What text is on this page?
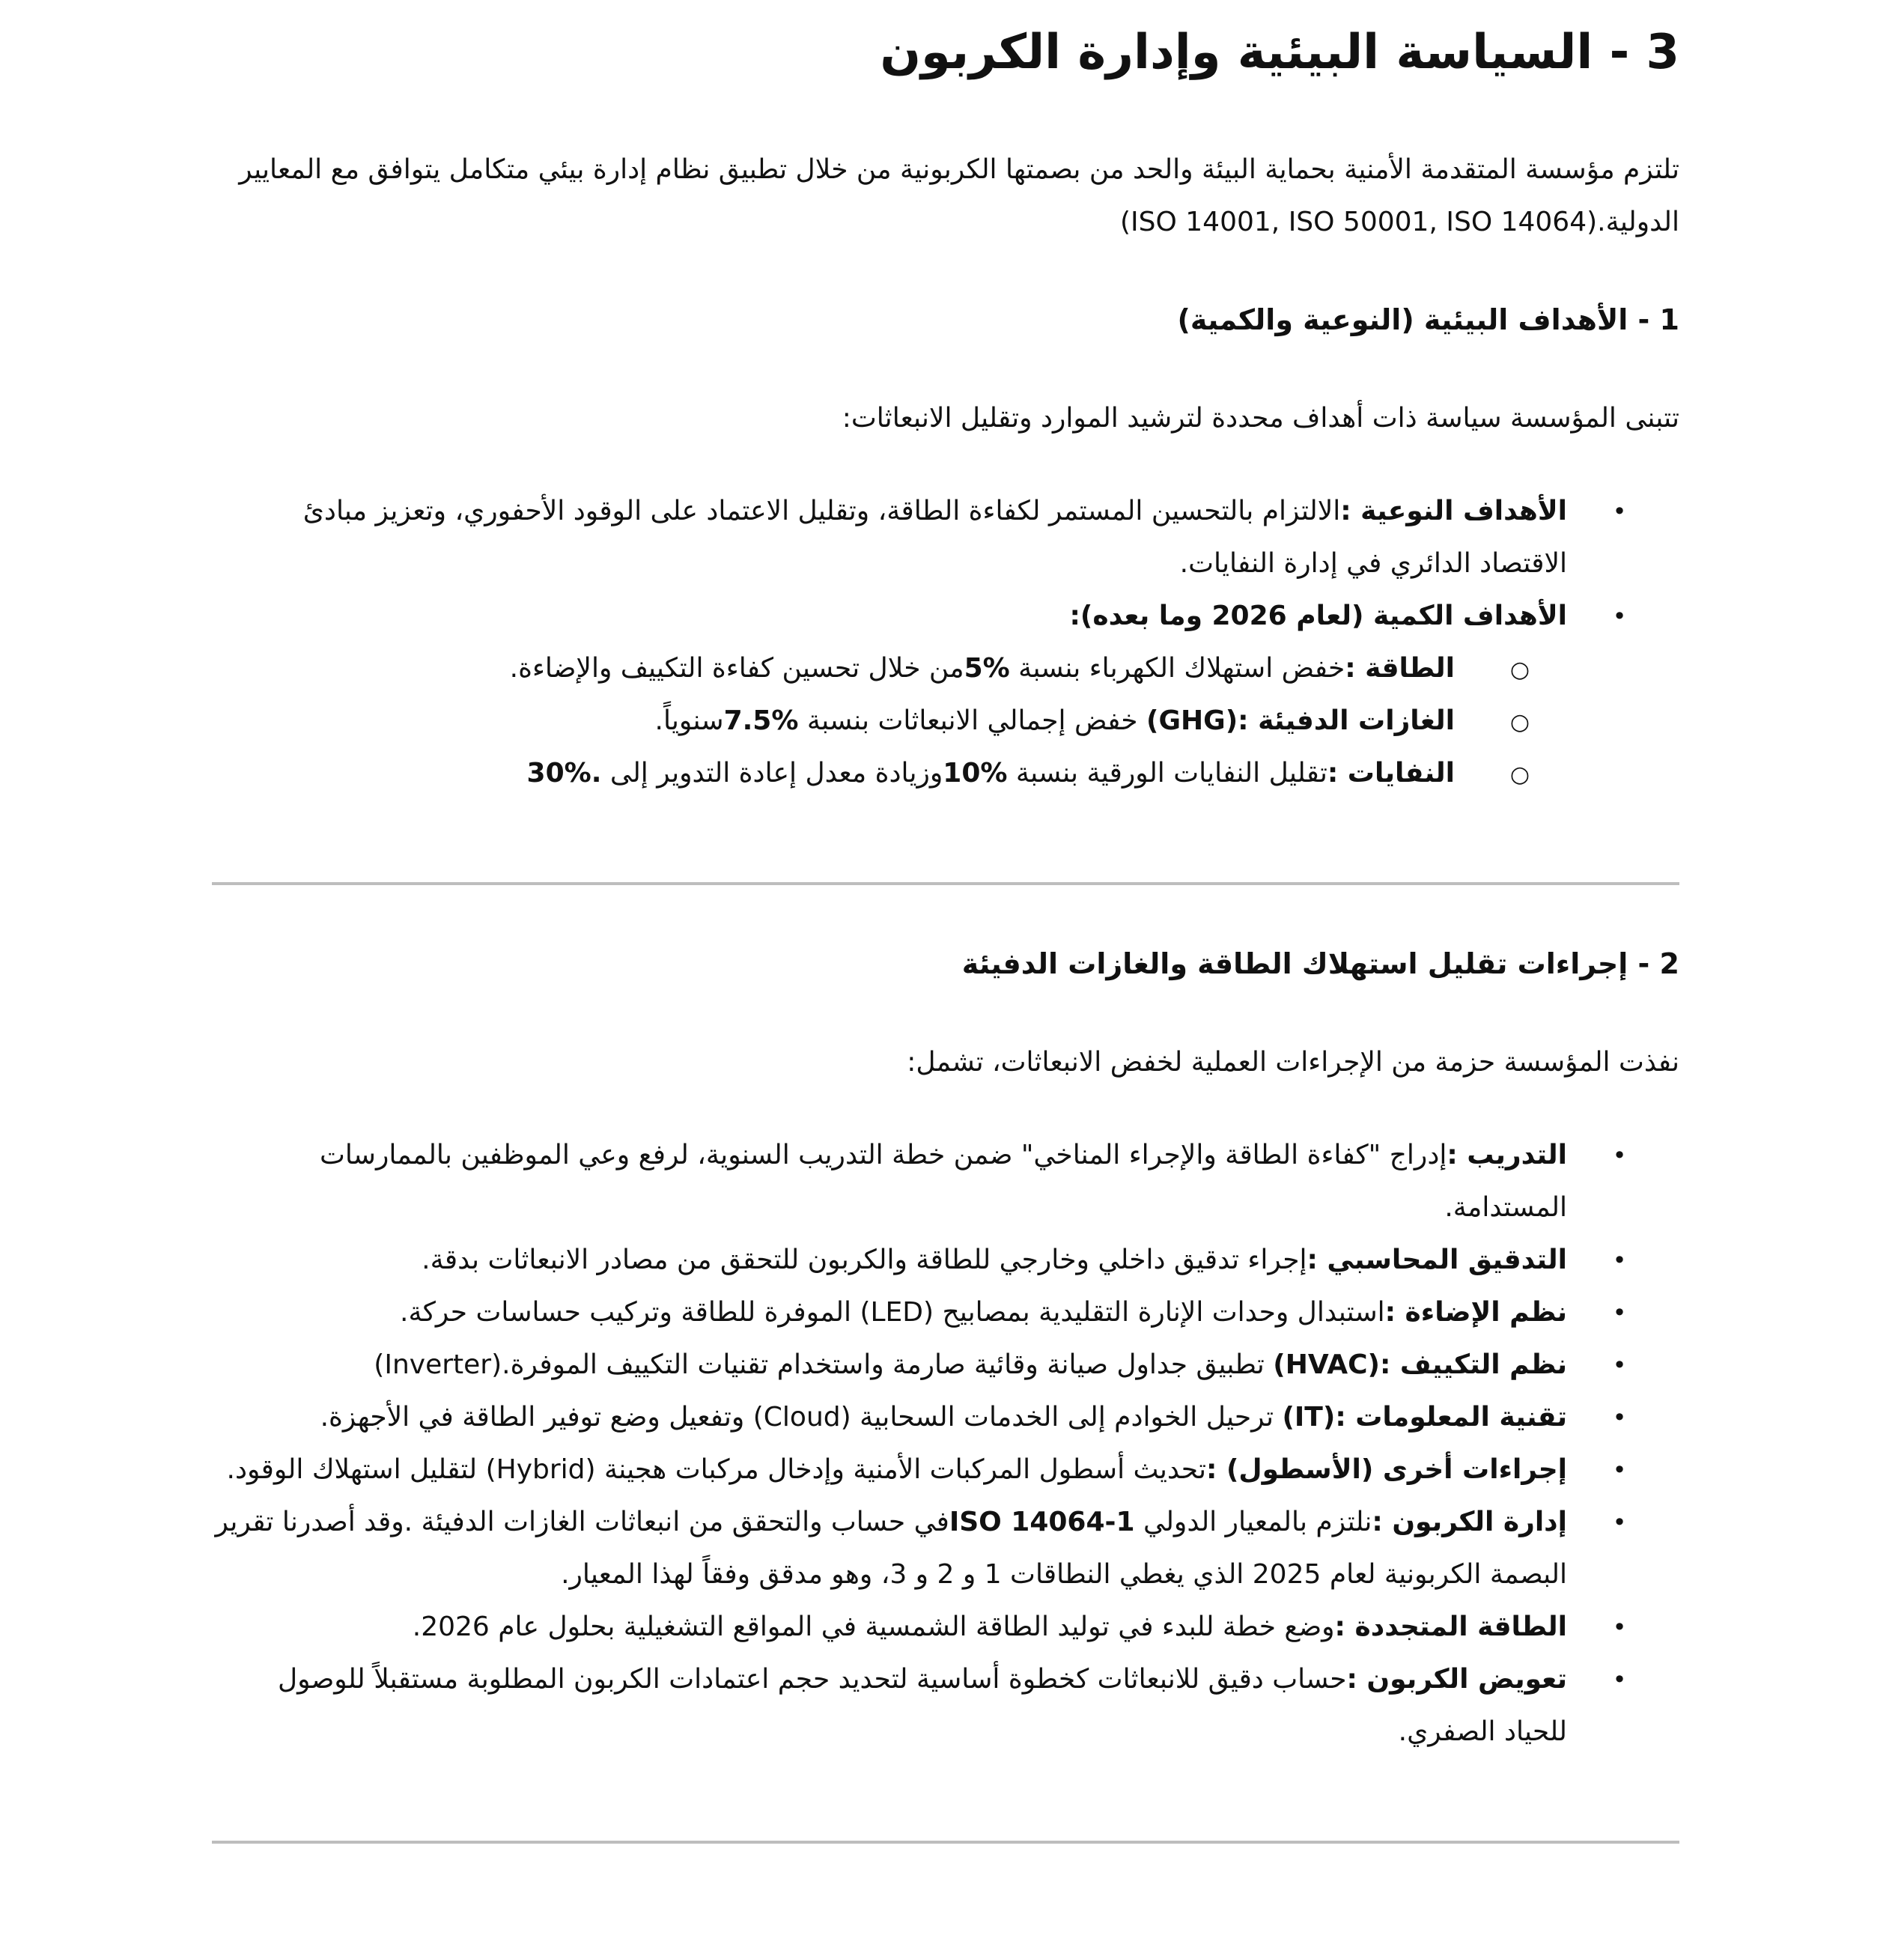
3 - السياسة البيئية وإدارة الكربون

تلتزم مؤسسة المتقدمة الأمنية بحماية البيئة والحد من بصمتها الكربونية من خلال تطبيق نظام إدارة بيئي متكامل يتوافق مع المعايير الدولية.(ISO 14001, ISO 50001, ISO 14064)

1 - الأهداف البيئية (النوعية والكمية)

تتبنى المؤسسة سياسة ذات أهداف محددة لترشيد الموارد وتقليل الانبعاثات:

•
الأهداف النوعية :الالتزام بالتحسين المستمر لكفاءة الطاقة، وتقليل الاعتماد على الوقود الأحفوري، وتعزيز مبادئ الاقتصاد الدائري في إدارة النفايات.
•
الأهداف الكمية (لعام 2026 وما بعده):
○
الطاقة :خفض استهلاك الكهرباء بنسبة 5%من خلال تحسين كفاءة التكييف والإضاءة.
○
الغازات الدفيئة :(GHG) خفض إجمالي الانبعاثات بنسبة 7.5%سنوياً.
○
النفايات :تقليل النفايات الورقية بنسبة 10%وزيادة معدل إعادة التدوير إلى 30%.
2 - إجراءات تقليل استهلاك الطاقة والغازات الدفيئة

نفذت المؤسسة حزمة من الإجراءات العملية لخفض الانبعاثات، تشمل:

•
التدريب :إدراج "كفاءة الطاقة والإجراء المناخي" ضمن خطة التدريب السنوية، لرفع وعي الموظفين بالممارسات المستدامة.
•
التدقيق المحاسبي :إجراء تدقيق داخلي وخارجي للطاقة والكربون للتحقق من مصادر الانبعاثات بدقة.
•
نظم الإضاءة :استبدال وحدات الإنارة التقليدية بمصابيح (LED) الموفرة للطاقة وتركيب حساسات حركة.
•
نظم التكييف :(HVAC) تطبيق جداول صيانة وقائية صارمة واستخدام تقنيات التكييف الموفرة.(Inverter)
•
تقنية المعلومات :(IT) ترحيل الخوادم إلى الخدمات السحابية (Cloud) وتفعيل وضع توفير الطاقة في الأجهزة.
•
إجراءات أخرى (الأسطول) :تحديث أسطول المركبات الأمنية وإدخال مركبات هجينة (Hybrid) لتقليل استهلاك الوقود.
•
إدارة الكربون :نلتزم بالمعيار الدولي ISO 14064-1في حساب والتحقق من انبعاثات الغازات الدفيئة .وقد أصدرنا تقرير البصمة الكربونية لعام 2025 الذي يغطي النطاقات 1 و 2 و 3، وهو مدقق وفقاً لهذا المعيار.
•
الطاقة المتجددة :وضع خطة للبدء في توليد الطاقة الشمسية في المواقع التشغيلية بحلول عام 2026.
•
تعويض الكربون :حساب دقيق للانبعاثات كخطوة أساسية لتحديد حجم اعتمادات الكربون المطلوبة مستقبلاً للوصول للحياد الصفري.
